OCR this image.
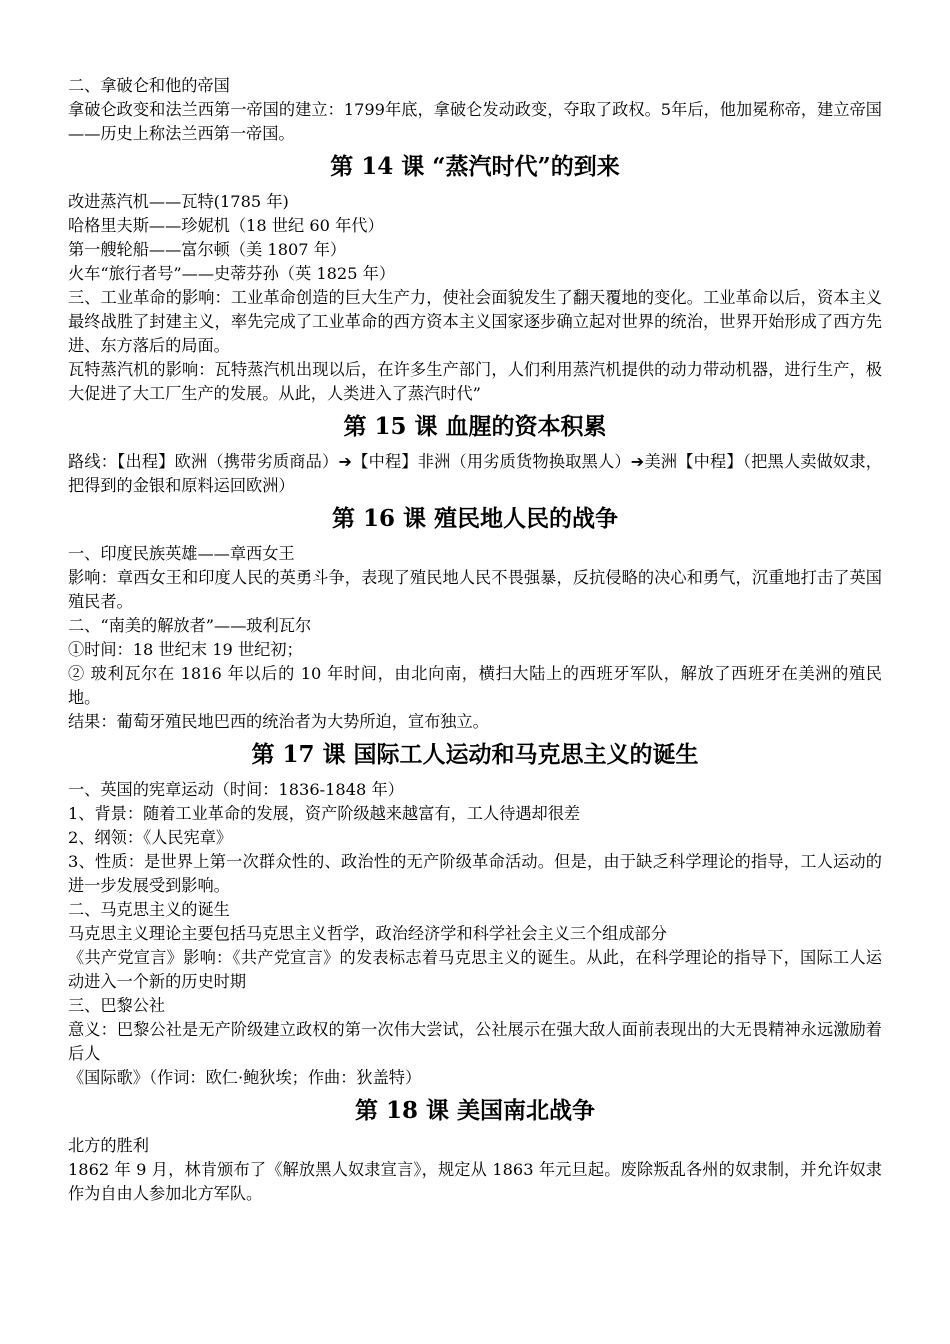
二、拿破仑和他的帝国

拿破仑政变和法兰西第一帝国的建立：1799年底，拿破仑发动政变，夺取了政权。5年后，他加冕称帝，建立帝国——历史上称法兰西第一帝国。

第 14 课 “蒸汽时代”的到来

改进蒸汽机——瓦特(1785 年)

哈格里夫斯——珍妮机（18 世纪 60 年代）

第一艘轮船——富尔顿（美 1807 年）

火车“旅行者号”——史蒂芬孙（英 1825 年）

三、工业革命的影响：工业革命创造的巨大生产力，使社会面貌发生了翻天覆地的变化。工业革命以后，资本主义最终战胜了封建主义，率先完成了工业革命的西方资本主义国家逐步确立起对世界的统治，世界开始形成了西方先进、东方落后的局面。

瓦特蒸汽机的影响：瓦特蒸汽机出现以后，在许多生产部门，人们利用蒸汽机提供的动力带动机器，进行生产，极大促进了大工厂生产的发展。从此，人类进入了蒸汽时代”

第 15 课 血腥的资本积累

路线：【出程】欧洲（携带劣质商品）➔【中程】非洲（用劣质货物换取黑人）➔美洲【中程】（把黑人卖做奴隶，把得到的金银和原料运回欧洲）

第 16 课 殖民地人民的战争

一、印度民族英雄——章西女王

影响：章西女王和印度人民的英勇斗争，表现了殖民地人民不畏强暴，反抗侵略的决心和勇气，沉重地打击了英国殖民者。

二、“南美的解放者”——玻利瓦尔

①时间：18 世纪末 19 世纪初；

② 玻利瓦尔在 1816 年以后的 10 年时间，由北向南，横扫大陆上的西班牙军队，解放了西班牙在美洲的殖民地。

结果：葡萄牙殖民地巴西的统治者为大势所迫，宣布独立。

第 17 课 国际工人运动和马克思主义的诞生

一、英国的宪章运动（时间：1836-1848 年）

1、背景：随着工业革命的发展，资产阶级越来越富有，工人待遇却很差

2、纲领：《人民宪章》

3、性质：是世界上第一次群众性的、政治性的无产阶级革命活动。但是，由于缺乏科学理论的指导，工人运动的进一步发展受到影响。

二、马克思主义的诞生

马克思主义理论主要包括马克思主义哲学，政治经济学和科学社会主义三个组成部分

《共产党宣言》影响：《共产党宣言》的发表标志着马克思主义的诞生。从此，在科学理论的指导下，国际工人运动进入一个新的历史时期

三、巴黎公社

意义：巴黎公社是无产阶级建立政权的第一次伟大尝试，公社展示在强大敌人面前表现出的大无畏精神永远激励着后人

《国际歌》（作词：欧仁·鲍狄埃；作曲：狄盖特）

第 18 课 美国南北战争

北方的胜利

1862 年 9 月，林肯颁布了《解放黑人奴隶宣言》，规定从 1863 年元旦起。废除叛乱各州的奴隶制，并允许奴隶作为自由人参加北方军队。
